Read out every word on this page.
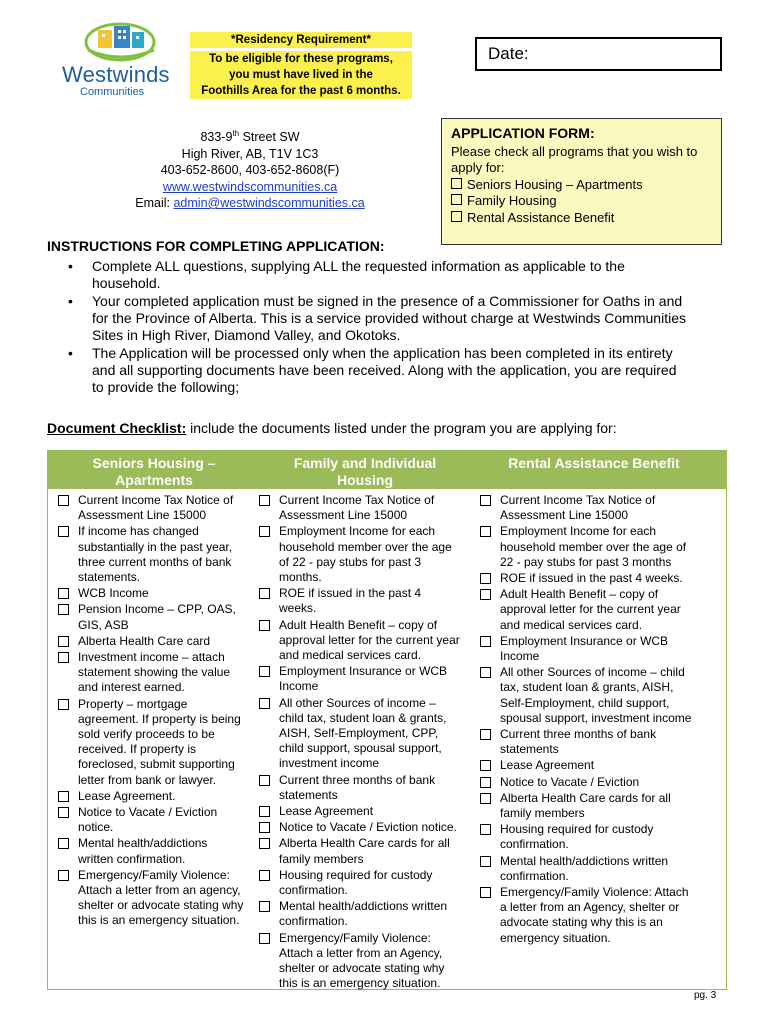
Westwinds
Communities
*Residency Requirement*
To be eligible for these programs,
you must have lived in the
Foothills Area for the past 6 months.
Date:
833-9th Street SW
High River, AB, T1V 1C3
403-652-8600, 403-652-8608(F)
www.westwindscommunities.ca
Email: admin@westwindscommunities.ca
APPLICATION FORM:
Please check all programs that you wish to apply for:
Seniors Housing – Apartments
Family Housing
Rental Assistance Benefit
INSTRUCTIONS FOR COMPLETING APPLICATION:
• Complete ALL questions, supplying ALL the requested information as applicable to the household.
• Your completed application must be signed in the presence of a Commissioner for Oaths in and for the Province of Alberta. This is a service provided without charge at Westwinds Communities Sites in High River, Diamond Valley, and Okotoks.
• The Application will be processed only when the application has been completed in its entirety and all supporting documents have been received. Along with the application, you are required to provide the following;
Document Checklist: include the documents listed under the program you are applying for:
Seniors Housing – Apartments
Family and Individual Housing
Rental Assistance Benefit
Current Income Tax Notice of Assessment Line 15000
If income has changed substantially in the past year, three current months of bank statements.
WCB Income
Pension Income – CPP, OAS, GIS, ASB
Alberta Health Care card
Investment income – attach statement showing the value and interest earned.
Property – mortgage agreement. If property is being sold verify proceeds to be received. If property is foreclosed, submit supporting letter from bank or lawyer.
Lease Agreement.
Notice to Vacate / Eviction notice.
Mental health/addictions written confirmation.
Emergency/Family Violence: Attach a letter from an agency, shelter or advocate stating why this is an emergency situation.
Current Income Tax Notice of Assessment Line 15000
Employment Income for each household member over the age of 22 - pay stubs for past 3 months.
ROE if issued in the past 4 weeks.
Adult Health Benefit – copy of approval letter for the current year and medical services card.
Employment Insurance or WCB Income
All other Sources of income – child tax, student loan & grants, AISH, Self-Employment, CPP, child support, spousal support, investment income
Current three months of bank statements
Lease Agreement
Notice to Vacate / Eviction notice.
Alberta Health Care cards for all family members
Housing required for custody confirmation.
Mental health/addictions written confirmation.
Emergency/Family Violence: Attach a letter from an Agency, shelter or advocate stating why this is an emergency situation.
Current Income Tax Notice of Assessment Line 15000
Employment Income for each household member over the age of 22 - pay stubs for past 3 months
ROE if issued in the past 4 weeks.
Adult Health Benefit – copy of approval letter for the current year and medical services card.
Employment Insurance or WCB Income
All other Sources of income – child tax, student loan & grants, AISH, Self-Employment, child support, spousal support, investment income
Current three months of bank statements
Lease Agreement
Notice to Vacate / Eviction
Alberta Health Care cards for all family members
Housing required for custody confirmation.
Mental health/addictions written confirmation.
Emergency/Family Violence: Attach a letter from an Agency, shelter or advocate stating why this is an emergency situation.
pg. 3
